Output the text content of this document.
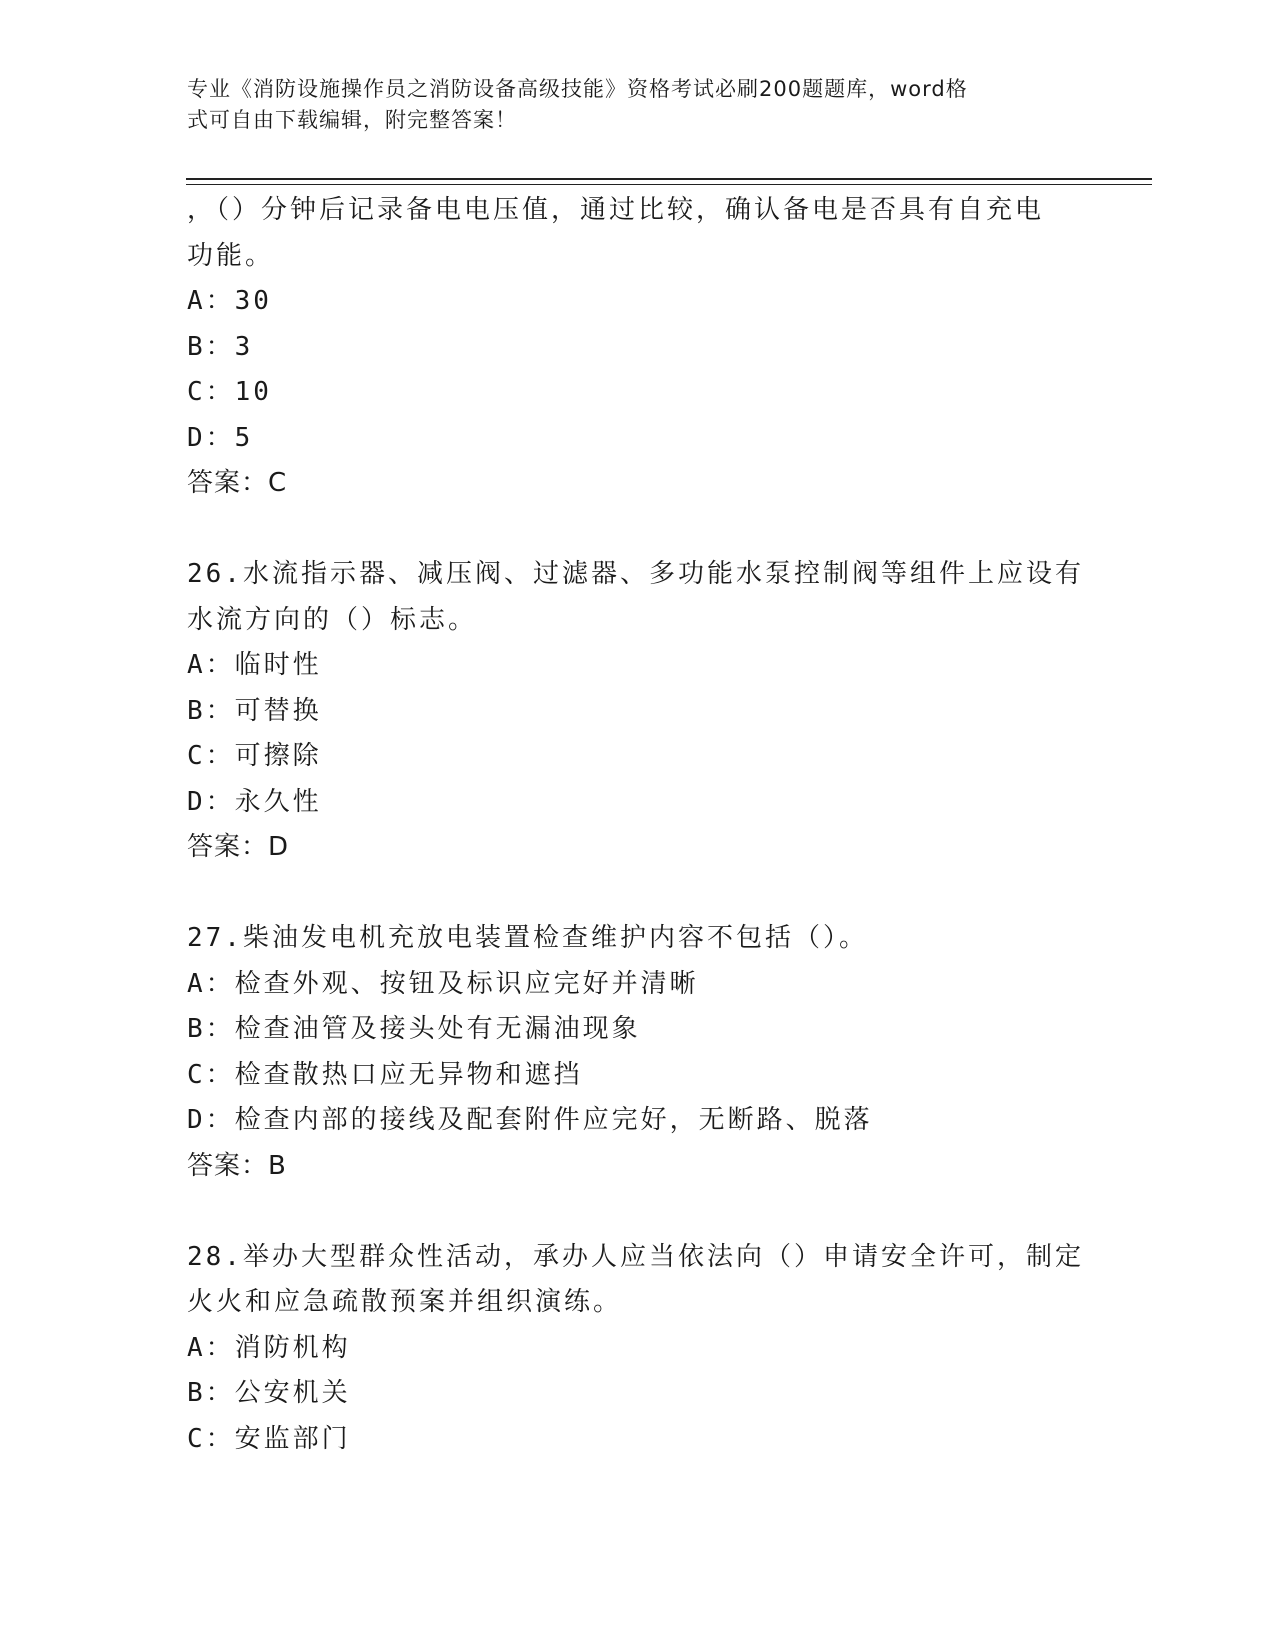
专业《消防设施操作员之消防设备高级技能》资格考试必刷200题题库，word格
式可自由下载编辑，附完整答案！
，（）分钟后记录备电电压值，通过比较，确认备电是否具有自充电
功能。
A：30
B：3
C：10
D：5
答案：C
26.水流指示器、减压阀、过滤器、多功能水泵控制阀等组件上应设有
水流方向的（）标志。
A：临时性
B：可替换
C：可擦除
D：永久性
答案：D
27.柴油发电机充放电装置检查维护内容不包括（）。
A：检查外观、按钮及标识应完好并清晰
B：检查油管及接头处有无漏油现象
C：检查散热口应无异物和遮挡
D：检查内部的接线及配套附件应完好，无断路、脱落
答案：B
28.举办大型群众性活动，承办人应当依法向（）申请安全许可，制定
火火和应急疏散预案并组织演练。
A：消防机构
B：公安机关
C：安监部门
